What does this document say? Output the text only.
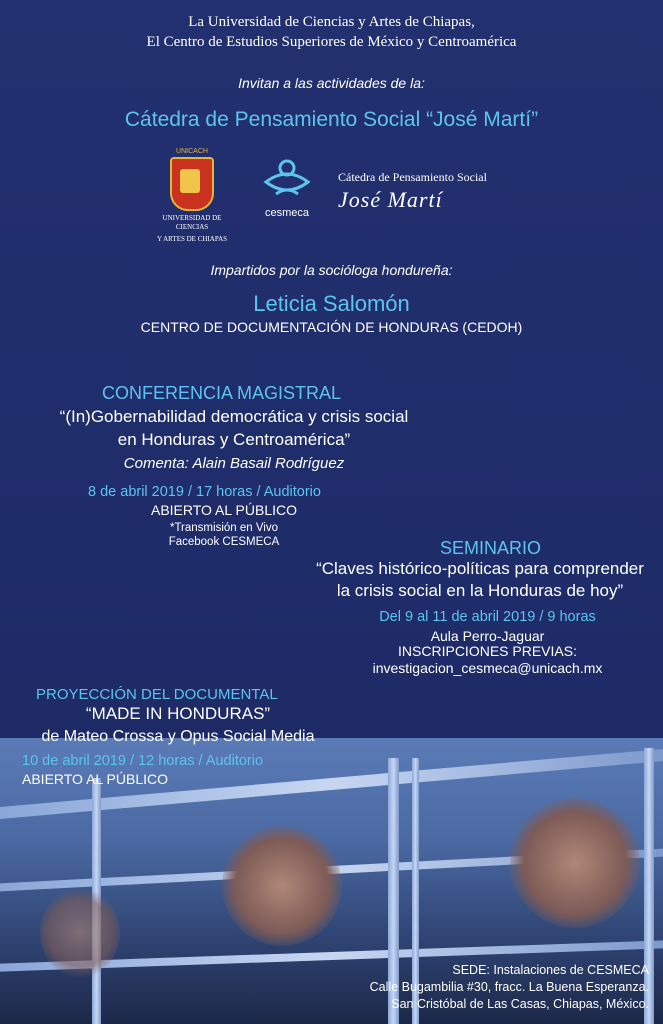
La Universidad de Ciencias y Artes de Chiapas,
El Centro de Estudios Superiores de México y Centroamérica
Invitan a las actividades de la:
Cátedra de Pensamiento Social “José Martí”
UNICACH
UNIVERSIDAD DE CIENCIAS
Y ARTES DE CHIAPAS
cesmeca
Cátedra de Pensamiento Social
José Martí
Impartidos por la socióloga hondureña:
Leticia Salomón
CENTRO DE DOCUMENTACIÓN DE HONDURAS (CEDOH)
CONFERENCIA MAGISTRAL
“(In)Gobernabilidad democrática y crisis social
en Honduras y Centroamérica”
Comenta: Alain Basail Rodríguez
8 de abril 2019 / 17 horas / Auditorio
ABIERTO AL PÚBLICO
*Transmisión en Vivo
Facebook CESMECA	SEMINARIO
“Claves histórico-políticas para comprender
la crisis social en la Honduras de hoy”
Del 9 al 11 de abril 2019 / 9 horas
Aula Perro-Jaguar
INSCRIPCIONES PREVIAS:
investigacion_cesmeca@unicach.mx
PROYECCIÓN DEL DOCUMENTAL
“MADE IN HONDURAS”
de Mateo Crossa y Opus Social Media
10 de abril 2019 / 12 horas / Auditorio
ABIERTO AL PÚBLICO
SEDE: Instalaciones de CESMECA
Calle Bugambilia #30, fracc. La Buena Esperanza.
San Cristóbal de Las Casas, Chiapas, México.
